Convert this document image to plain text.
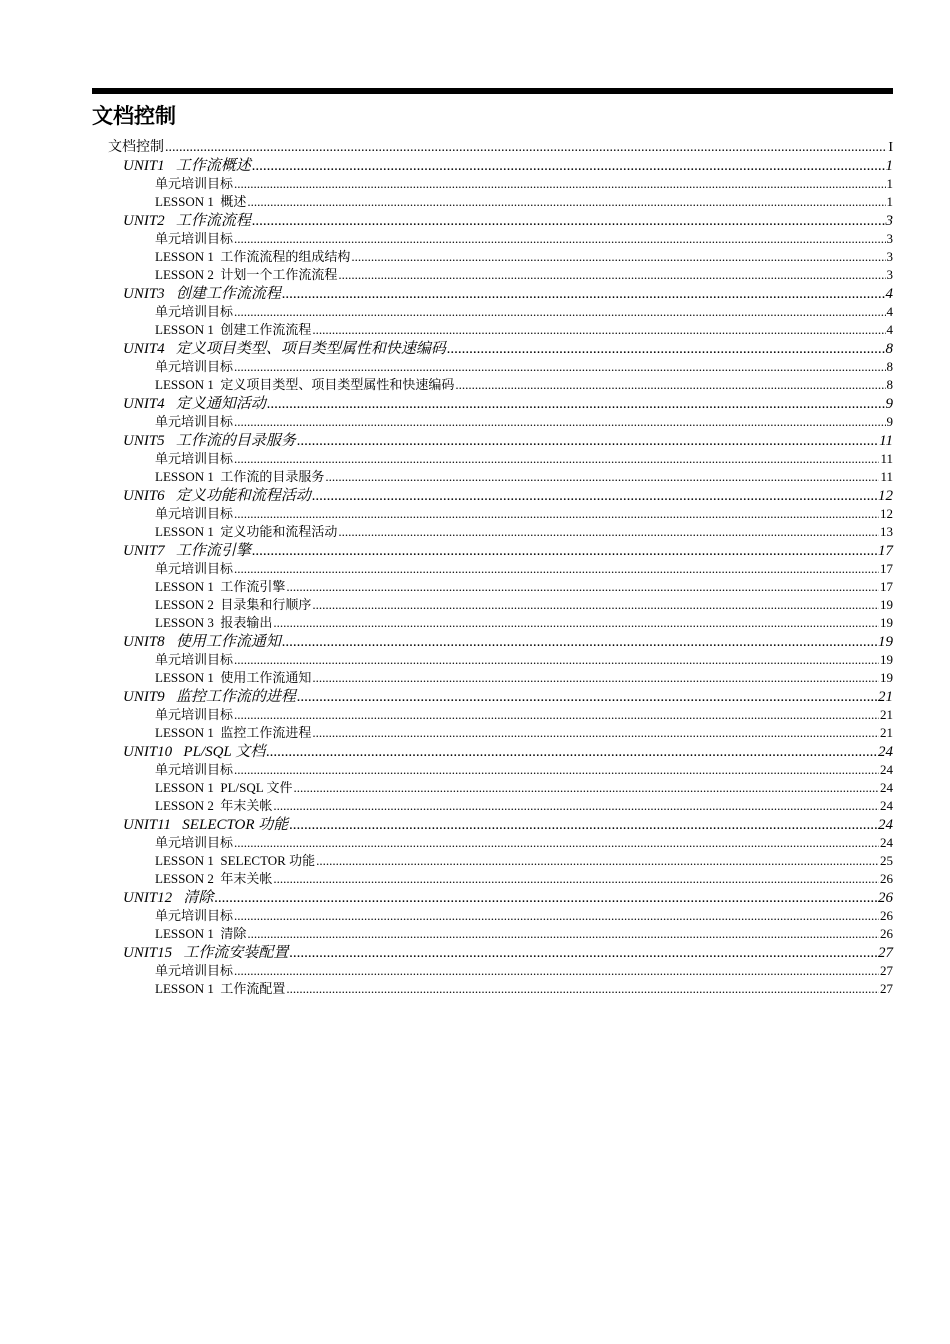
文档控制
文档控制 .....	I
UNIT1   工作流概述 .....	1
单元培训目标 .....	1
LESSON 1  概述 .....	1
UNIT2   工作流流程 .....	3
单元培训目标 .....	3
LESSON 1  工作流流程的组成结构 .....	3
LESSON 2  计划一个工作流流程 .....	3
UNIT3   创建工作流流程 .....	4
单元培训目标 .....	4
LESSON 1  创建工作流流程 .....	4
UNIT4   定义项目类型、项目类型属性和快速编码 .....	8
单元培训目标 .....	8
LESSON 1  定义项目类型、项目类型属性和快速编码 .....	8
UNIT4   定义通知活动 .....	9
单元培训目标 .....	9
UNIT5   工作流的目录服务 .....	11
单元培训目标 .....	11
LESSON 1  工作流的目录服务 .....	11
UNIT6   定义功能和流程活动 .....	12
单元培训目标 .....	12
LESSON 1  定义功能和流程活动 .....	13
UNIT7   工作流引擎 .....	17
单元培训目标 .....	17
LESSON 1  工作流引擎 .....	17
LESSON 2  目录集和行顺序 .....	19
LESSON 3  报表输出 .....	19
UNIT8   使用工作流通知 .....	19
单元培训目标 .....	19
LESSON 1  使用工作流通知 .....	19
UNIT9   监控工作流的进程 .....	21
单元培训目标 .....	21
LESSON 1  监控工作流进程 .....	21
UNIT10   PL/SQL 文档 .....	24
单元培训目标 .....	24
LESSON 1  PL/SQL 文件 .....	24
LESSON 2  年末关帐 .....	24
UNIT11   SELECTOR 功能 .....	24
单元培训目标 .....	24
LESSON 1  SELECTOR 功能 .....	25
LESSON 2  年末关帐 .....	26
UNIT12   清除 .....	26
单元培训目标 .....	26
LESSON 1  清除 .....	26
UNIT15   工作流安装配置 .....	27
单元培训目标 .....	27
LESSON 1  工作流配置 .....	27
